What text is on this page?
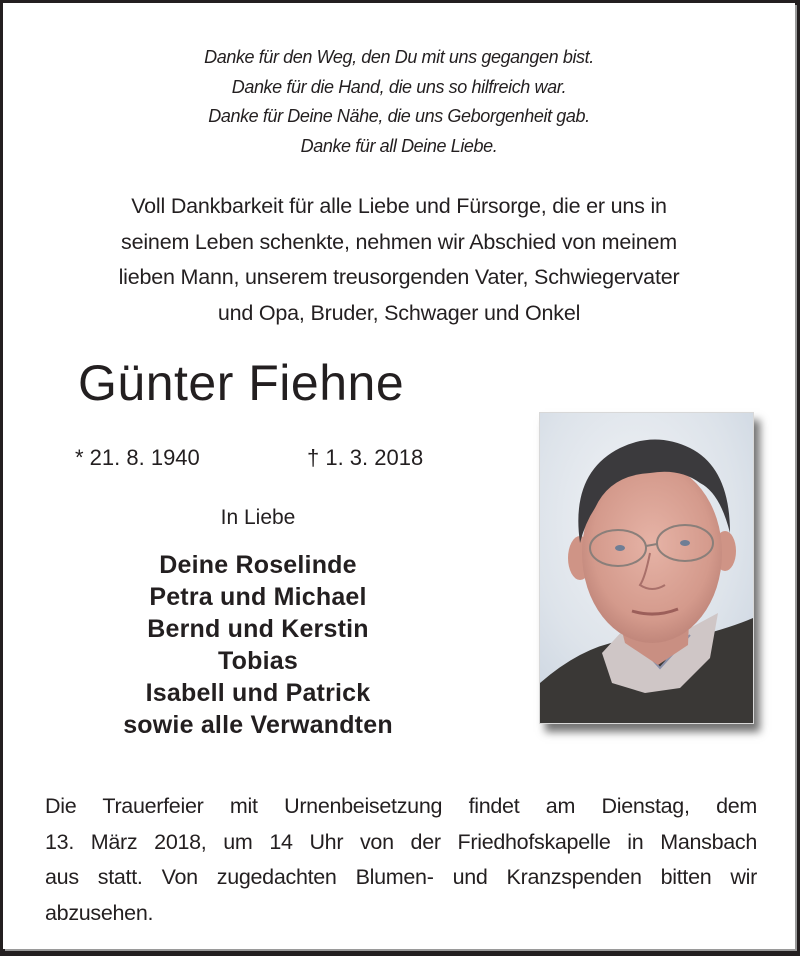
Danke für den Weg, den Du mit uns gegangen bist.
Danke für die Hand, die uns so hilfreich war.
Danke für Deine Nähe, die uns Geborgenheit gab.
Danke für all Deine Liebe.
Voll Dankbarkeit für alle Liebe und Fürsorge, die er uns in
seinem Leben schenkte, nehmen wir Abschied von meinem
lieben Mann, unserem treusorgenden Vater, Schwiegervater
und Opa, Bruder, Schwager und Onkel
Günter Fiehne
* 21. 8. 1940	† 1. 3. 2018
In Liebe
Deine Roselinde
Petra und Michael
Bernd und Kerstin
Tobias
Isabell und Patrick
sowie alle Verwandten
Die Trauerfeier mit Urnenbeisetzung findet am Dienstag, dem
13. März 2018, um 14 Uhr von der Friedhofskapelle in Mansbach
aus statt. Von zugedachten Blumen- und Kranzspenden bitten wir
abzusehen.
